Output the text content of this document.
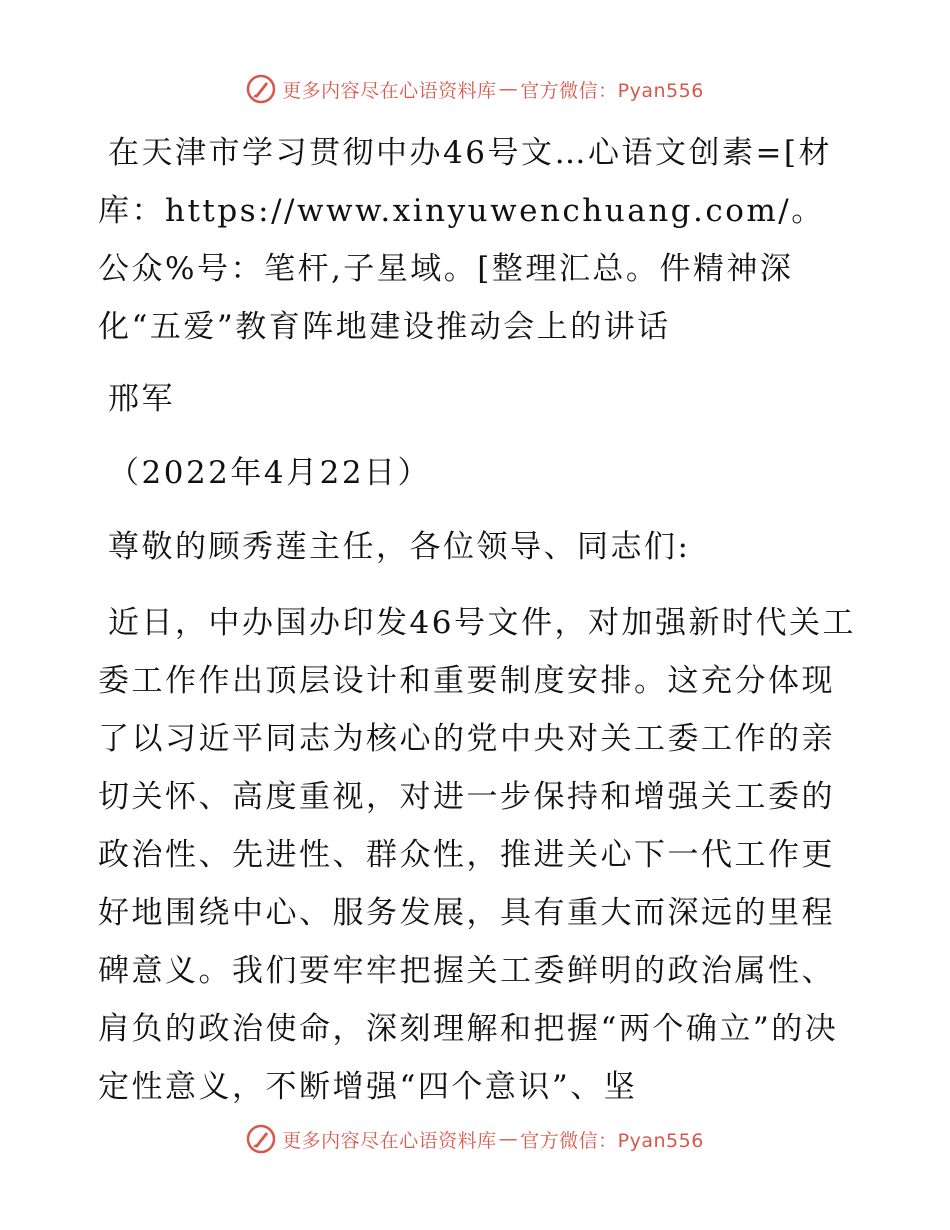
更多内容尽在心语资料库 — 官方微信：Pyan556

在天津市学习贯彻中办46号文…心语文创素=[材库：https://www.xinyuwenchuang.com/。公众%号：笔杆,子星域。[整理汇总。件精神深化“五爱”教育阵地建设推动会上的讲话

邢军

（2022年4月22日）

尊敬的顾秀莲主任，各位领导、同志们:

近日，中办国办印发46号文件，对加强新时代关工委工作作出顶层设计和重要制度安排。这充分体现了以习近平同志为核心的党中央对关工委工作的亲切关怀、高度重视，对进一步保持和增强关工委的政治性、先进性、群众性，推进关心下一代工作更好地围绕中心、服务发展，具有重大而深远的里程碑意义。我们要牢牢把握关工委鲜明的政治属性、肩负的政治使命，深刻理解和把握“两个确立”的决定性意义，不断增强“四个意识”、坚

更多内容尽在心语资料库 — 官方微信：Pyan556
